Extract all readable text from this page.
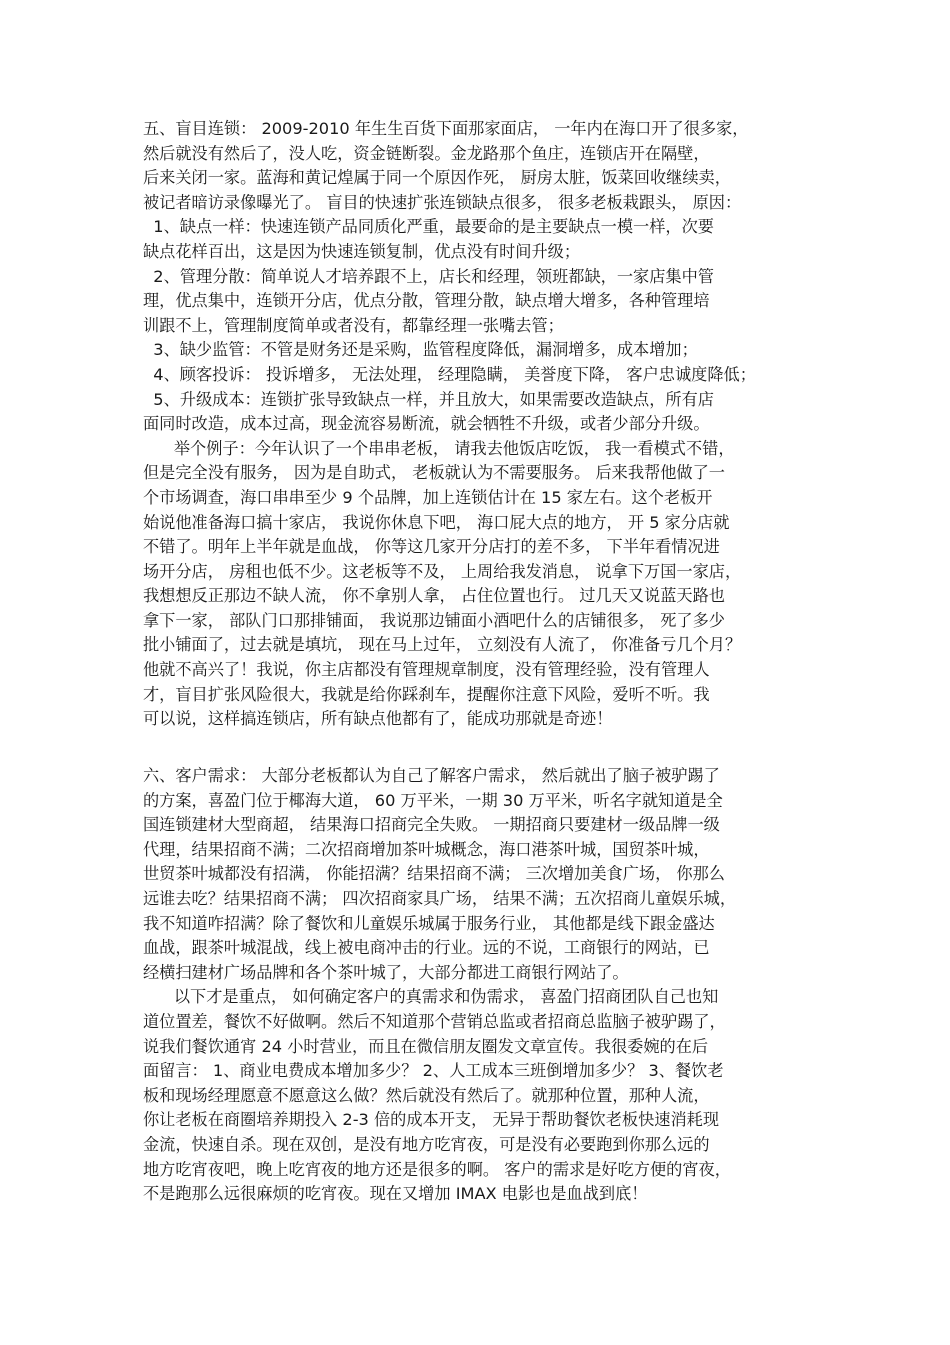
五、盲目连锁： 2009-2010 年生生百货下面那家面店， 一年内在海口开了很多家，
然后就没有然后了，没人吃，资金链断裂。金龙路那个鱼庄，连锁店开在隔壁，
后来关闭一家。蓝海和黄记煌属于同一个原因作死， 厨房太脏，饭菜回收继续卖，
被记者暗访录像曝光了。 盲目的快速扩张连锁缺点很多， 很多老板栽跟头， 原因：
1、缺点一样：快速连锁产品同质化严重，最要命的是主要缺点一模一样，次要
缺点花样百出，这是因为快速连锁复制，优点没有时间升级；
2、管理分散：简单说人才培养跟不上，店长和经理，领班都缺，一家店集中管
理，优点集中，连锁开分店，优点分散，管理分散，缺点增大增多，各种管理培
训跟不上，管理制度简单或者没有，都靠经理一张嘴去管；
3、缺少监管：不管是财务还是采购，监管程度降低，漏洞增多，成本增加；
4、顾客投诉： 投诉增多， 无法处理， 经理隐瞒， 美誉度下降， 客户忠诚度降低；
5、升级成本：连锁扩张导致缺点一样，并且放大，如果需要改造缺点，所有店
面同时改造，成本过高，现金流容易断流，就会牺牲不升级，或者少部分升级。
举个例子：今年认识了一个串串老板， 请我去他饭店吃饭， 我一看模式不错，
但是完全没有服务， 因为是自助式， 老板就认为不需要服务。 后来我帮他做了一
个市场调查，海口串串至少 9 个品牌，加上连锁估计在 15 家左右。这个老板开
始说他准备海口搞十家店， 我说你休息下吧， 海口屁大点的地方， 开 5 家分店就
不错了。明年上半年就是血战， 你等这几家开分店打的差不多， 下半年看情况进
场开分店， 房租也低不少。这老板等不及， 上周给我发消息， 说拿下万国一家店，
我想想反正那边不缺人流， 你不拿别人拿， 占住位置也行。 过几天又说蓝天路也
拿下一家， 部队门口那排铺面， 我说那边铺面小酒吧什么的店铺很多， 死了多少
批小铺面了，过去就是填坑， 现在马上过年， 立刻没有人流了， 你准备亏几个月？
他就不高兴了！我说，你主店都没有管理规章制度，没有管理经验，没有管理人
才，盲目扩张风险很大，我就是给你踩刹车，提醒你注意下风险，爱听不听。我
可以说，这样搞连锁店，所有缺点他都有了，能成功那就是奇迹！
六、客户需求： 大部分老板都认为自己了解客户需求， 然后就出了脑子被驴踢了
的方案，喜盈门位于椰海大道， 60 万平米，一期 30 万平米，听名字就知道是全
国连锁建材大型商超， 结果海口招商完全失败。 一期招商只要建材一级品牌一级
代理，结果招商不满；二次招商增加茶叶城概念，海口港茶叶城，国贸茶叶城，
世贸茶叶城都没有招满， 你能招满？结果招商不满； 三次增加美食广场， 你那么
远谁去吃？结果招商不满； 四次招商家具广场， 结果不满；五次招商儿童娱乐城，
我不知道咋招满？除了餐饮和儿童娱乐城属于服务行业， 其他都是线下跟金盛达
血战，跟茶叶城混战，线上被电商冲击的行业。远的不说，工商银行的网站，已
经横扫建材广场品牌和各个茶叶城了，大部分都进工商银行网站了。
以下才是重点， 如何确定客户的真需求和伪需求， 喜盈门招商团队自己也知
道位置差，餐饮不好做啊。然后不知道那个营销总监或者招商总监脑子被驴踢了，
说我们餐饮通宵 24 小时营业，而且在微信朋友圈发文章宣传。我很委婉的在后
面留言： 1、商业电费成本增加多少？ 2、人工成本三班倒增加多少？ 3、餐饮老
板和现场经理愿意不愿意这么做？然后就没有然后了。就那种位置，那种人流，
你让老板在商圈培养期投入 2-3 倍的成本开支， 无异于帮助餐饮老板快速消耗现
金流，快速自杀。现在双创，是没有地方吃宵夜，可是没有必要跑到你那么远的
地方吃宵夜吧，晚上吃宵夜的地方还是很多的啊。 客户的需求是好吃方便的宵夜，
不是跑那么远很麻烦的吃宵夜。现在又增加 IMAX 电影也是血战到底！
